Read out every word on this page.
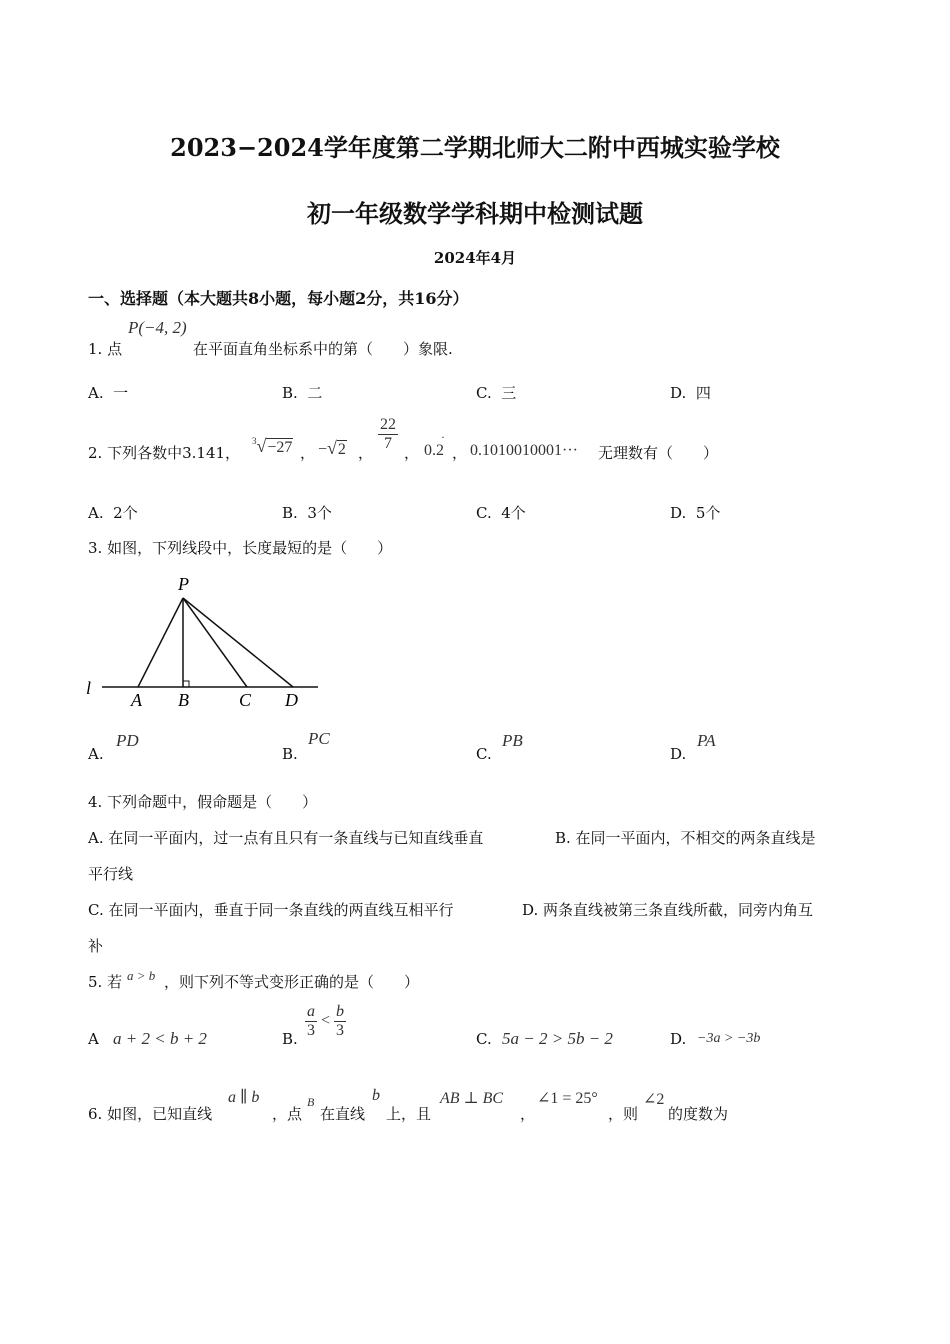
2023−2024学年度第二学期北师大二附中西城实验学校
初一年级数学学科期中检测试题
2024年4月
一、选择题（本大题共8小题，每小题2分，共16分）
1. 点
P(−4, 2)
在平面直角坐标系中的第（　　）象限.
A. 一	B. 二	C. 三	D. 四
2. 下列各数中3.141，
$^3$√−27 ， −√2 ，
$\frac{22}{7}$
， 0.2
·
， 0.1010010001··· 无理数有（　　）
A. 2个	B. 3个	C. 4个	D. 5个
3. 如图，下列线段中，长度最短的是（　　）
P
l
A B	C D
A.
PD
B.
PC
C.
PB
D.
PA
4. 下列命题中，假命题是（　　）
A. 在同一平面内，过一点有且只有一条直线与已知直线垂直	B. 在同一平面内，不相交的两条直线是
平行线
C. 在同一平面内，垂直于同一条直线的两直线互相平行	D. 两条直线被第三条直线所截，同旁内角互
补
5. 若 a > b ，则下列不等式变形正确的是（　　）
A a + 2 < b + 2	B. $\frac{a}{3} < \frac{b}{3}$	C. 5a − 2 > 5b − 2	D. −3a > −3b
6. 如图，已知直线
a ∥ b
，点
B
在直线
b
上，且
AB ⊥ BC
，
∠1 = 25°
，则
∠2
的度数为
